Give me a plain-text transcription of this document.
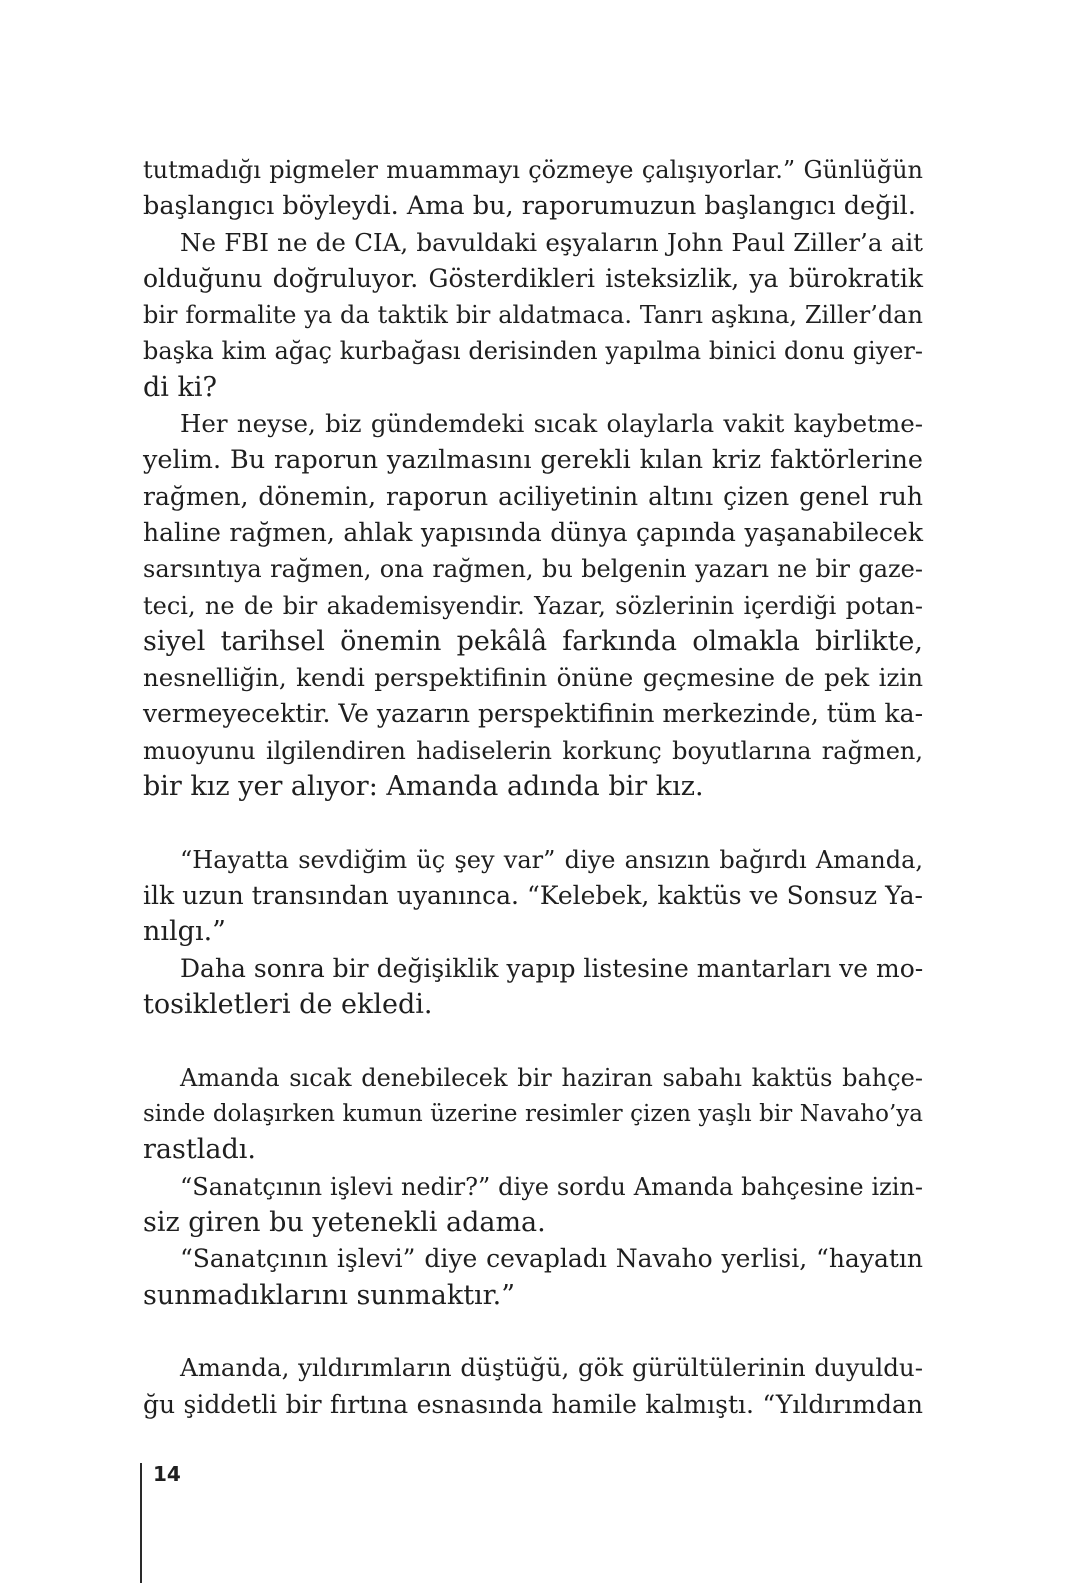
tutmadığı pigmeler muammayı çözmeye çalışıyorlar.” Günlüğün
başlangıcı böyleydi. Ama bu, raporumuzun başlangıcı değil.
Ne FBI ne de CIA, bavuldaki eşyaların John Paul Ziller’a ait
olduğunu doğruluyor. Gösterdikleri isteksizlik, ya bürokratik
bir formalite ya da taktik bir aldatmaca. Tanrı aşkına, Ziller’dan
başka kim ağaç kurbağası derisinden yapılma binici donu giyer-
di ki?
Her neyse, biz gündemdeki sıcak olaylarla vakit kaybetme-
yelim. Bu raporun yazılmasını gerekli kılan kriz faktörlerine
rağmen, dönemin, raporun aciliyetinin altını çizen genel ruh
haline rağmen, ahlak yapısında dünya çapında yaşanabilecek
sarsıntıya rağmen, ona rağmen, bu belgenin yazarı ne bir gaze-
teci, ne de bir akademisyendir. Yazar, sözlerinin içerdiği potan-
siyel tarihsel önemin pekâlâ farkında olmakla birlikte,
nesnelliğin, kendi perspektifinin önüne geçmesine de pek izin
vermeyecektir. Ve yazarın perspektifinin merkezinde, tüm ka-
muoyunu ilgilendiren hadiselerin korkunç boyutlarına rağmen,
bir kız yer alıyor: Amanda adında bir kız.
“Hayatta sevdiğim üç şey var” diye ansızın bağırdı Amanda,
ilk uzun transından uyanınca. “Kelebek, kaktüs ve Sonsuz Ya-
nılgı.”
Daha sonra bir değişiklik yapıp listesine mantarları ve mo-
tosikletleri de ekledi.
Amanda sıcak denebilecek bir haziran sabahı kaktüs bahçe-
sinde dolaşırken kumun üzerine resimler çizen yaşlı bir Navaho’ya
rastladı.
“Sanatçının işlevi nedir?” diye sordu Amanda bahçesine izin-
siz giren bu yetenekli adama.
“Sanatçının işlevi” diye cevapladı Navaho yerlisi, “hayatın
sunmadıklarını sunmaktır.”
Amanda, yıldırımların düştüğü, gök gürültülerinin duyuldu-
ğu şiddetli bir fırtına esnasında hamile kalmıştı. “Yıldırımdan
14
